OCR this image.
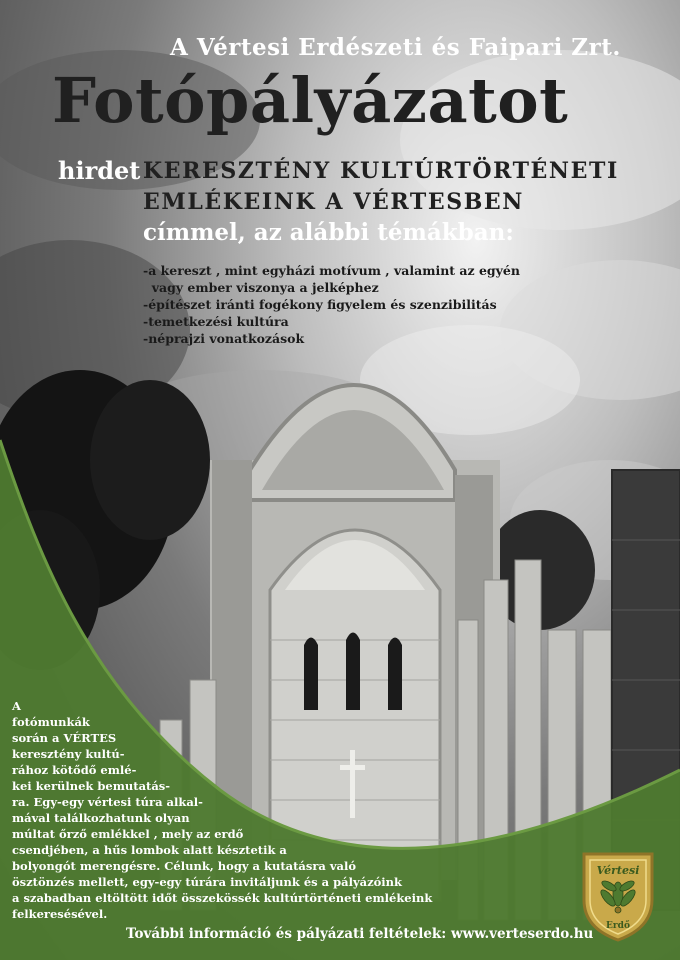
A Vértesi Erdészeti és Faipari Zrt.

Fotópályázatot

hirdet KERESZTÉNY KULTÚRTÖRTÉNETI

EMLÉKEINK A VÉRTESBEN

címmel, az alábbi témákban:

-a kereszt , mint egyházi motívum , valamint az egyén
vagy ember viszonya a jelképhez
-építészet iránti fogékony figyelem és szenzibilitás
-temetkezési kultúra
-néprajzi vonatkozások
A
fotómunkák
során a VÉRTES
keresztény kultú-
rához kötődő emlé-
kei kerülnek bemutatás-
ra. Egy-egy vértesi túra alkal-
mával találkozhatunk olyan
múltat őrző emlékkel , mely az erdő
csendjében, a hűs lombok alatt késztetik a
bolyongót merengésre. Célunk, hogy a kutatásra való
ösztönzés mellett, egy-egy túrára invitáljunk és a pályázóink
a szabadban eltöltött időt összekössék kultúrtörténeti emlékeink
felkeresésével.

További információ és pályázati feltételek: www.verteserdo.hu

Vértesi
Erdő
